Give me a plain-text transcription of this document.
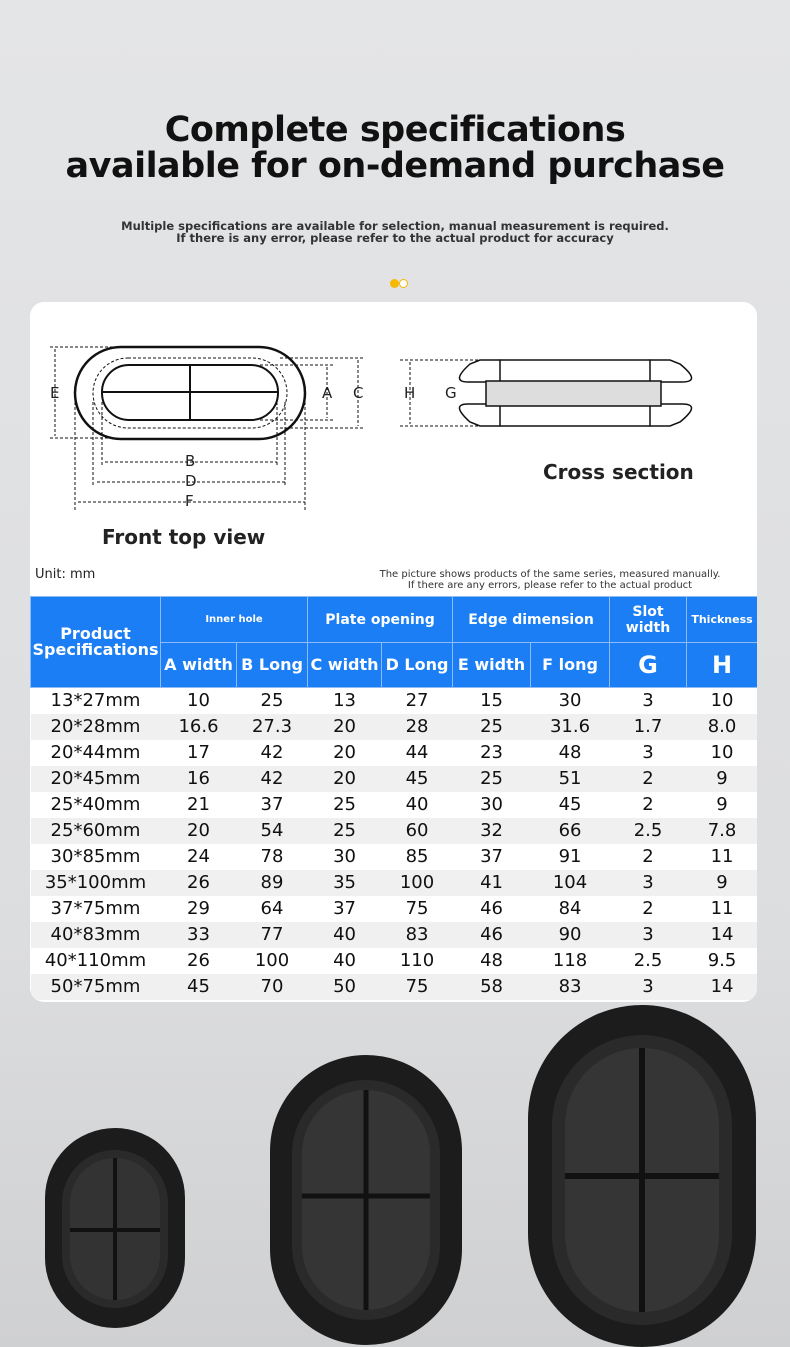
Complete specifications
available for on-demand purchase
Multiple specifications are available for selection, manual measurement is required.
If there is any error, please refer to the actual product for accuracy
E	A C
B
D
F
H G
Front top view
Cross section
Unit: mm	The picture shows products of the same series, measured manually.
If there are any errors, please refer to the actual product
Product Specifications	Inner hole		Plate opening		Edge dimension		Slot width	Thickness
	A width	B Long	C width	D Long	E width	F long	G	H
13*27mm	10	25	13	27	15	30	3	10
20*28mm	16.6	27.3	20	28	25	31.6	1.7	8.0
20*44mm	17	42	20	44	23	48	3	10
20*45mm	16	42	20	45	25	51	2	9
25*40mm	21	37	25	40	30	45	2	9
25*60mm	20	54	25	60	32	66	2.5	7.8
30*85mm	24	78	30	85	37	91	2	11
35*100mm	26	89	35	100	41	104	3	9
37*75mm	29	64	37	75	46	84	2	11
40*83mm	33	77	40	83	46	90	3	14
40*110mm	26	100	40	110	48	118	2.5	9.5
50*75mm	45	70	50	75	58	83	3	14
